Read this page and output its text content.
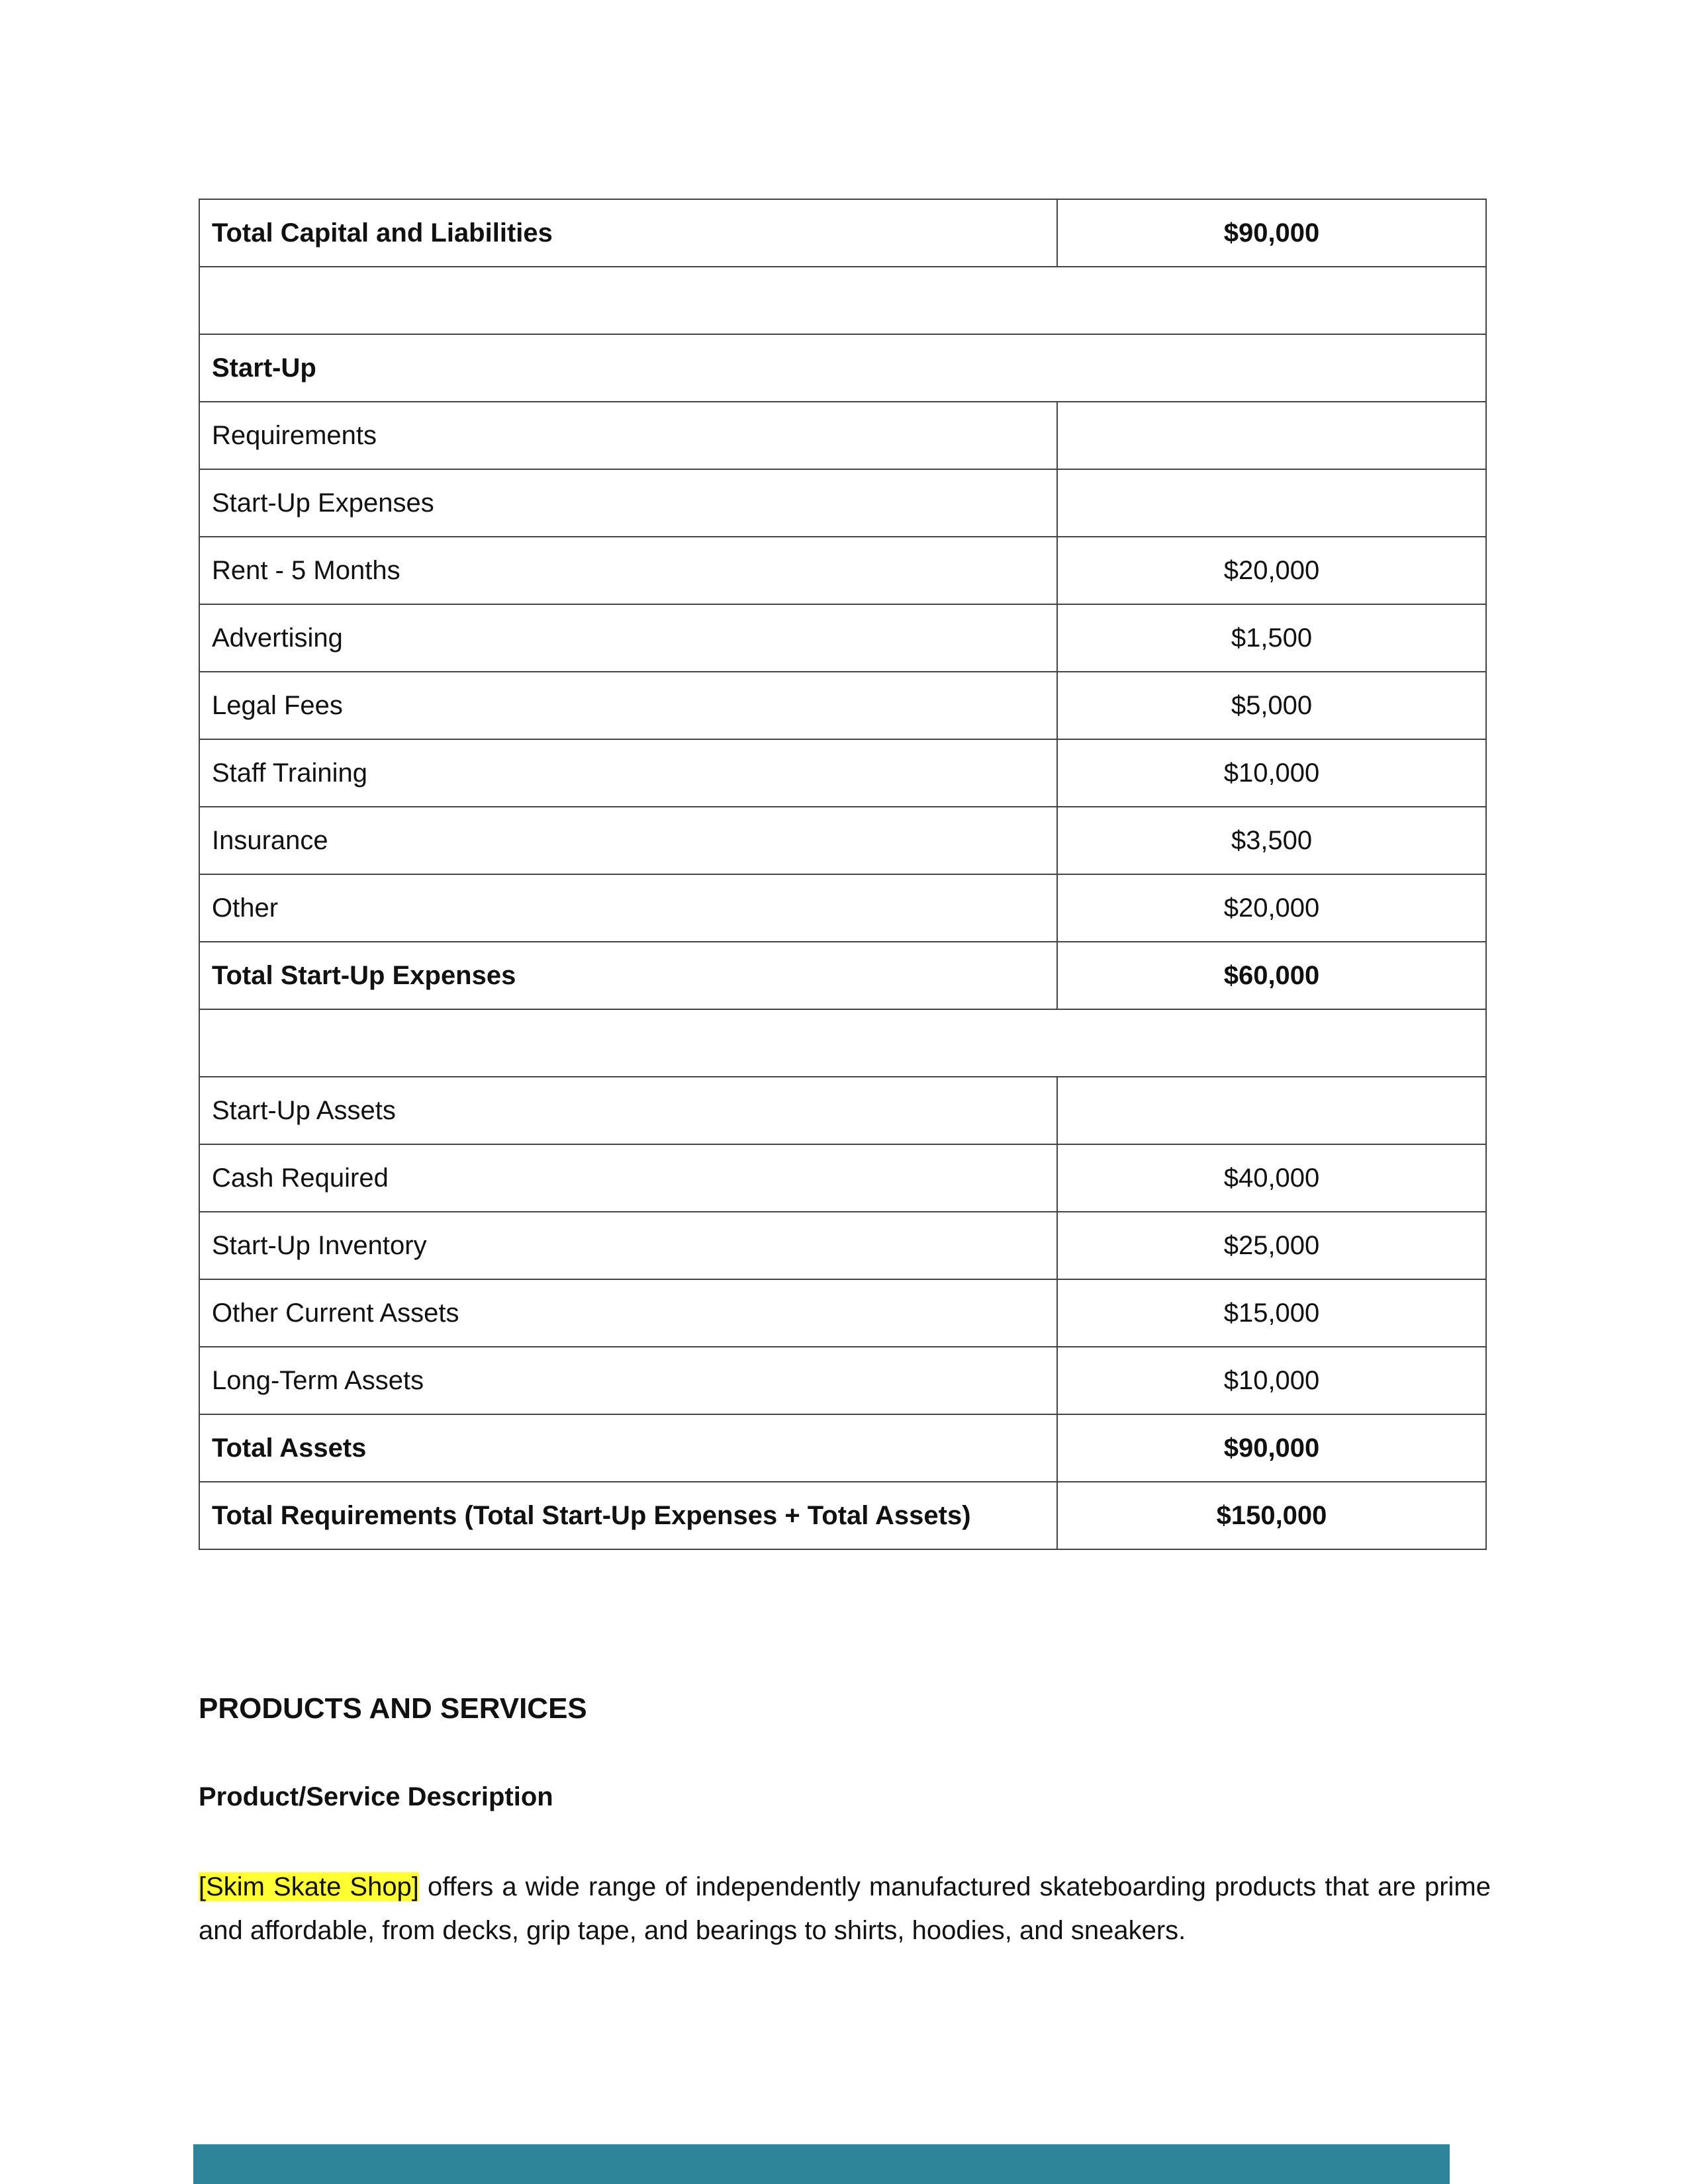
Total Capital and Liabilities	$90,000

Start-Up	
Requirements	
Start-Up Expenses	
Rent - 5 Months	$20,000
Advertising	$1,500
Legal Fees	$5,000
Staff Training	$10,000
Insurance	$3,500
Other	$20,000
Total Start-Up Expenses	$60,000

Start-Up Assets	
Cash Required	$40,000
Start-Up Inventory	$25,000
Other Current Assets	$15,000
Long-Term Assets	$10,000
Total Assets	$90,000
Total Requirements (Total Start-Up Expenses + Total Assets)	$150,000
PRODUCTS AND SERVICES
Product/Service Description

[Skim Skate Shop] offers a wide range of independently manufactured skateboarding products that are prime and affordable, from decks, grip tape, and bearings to shirts, hoodies, and sneakers.
